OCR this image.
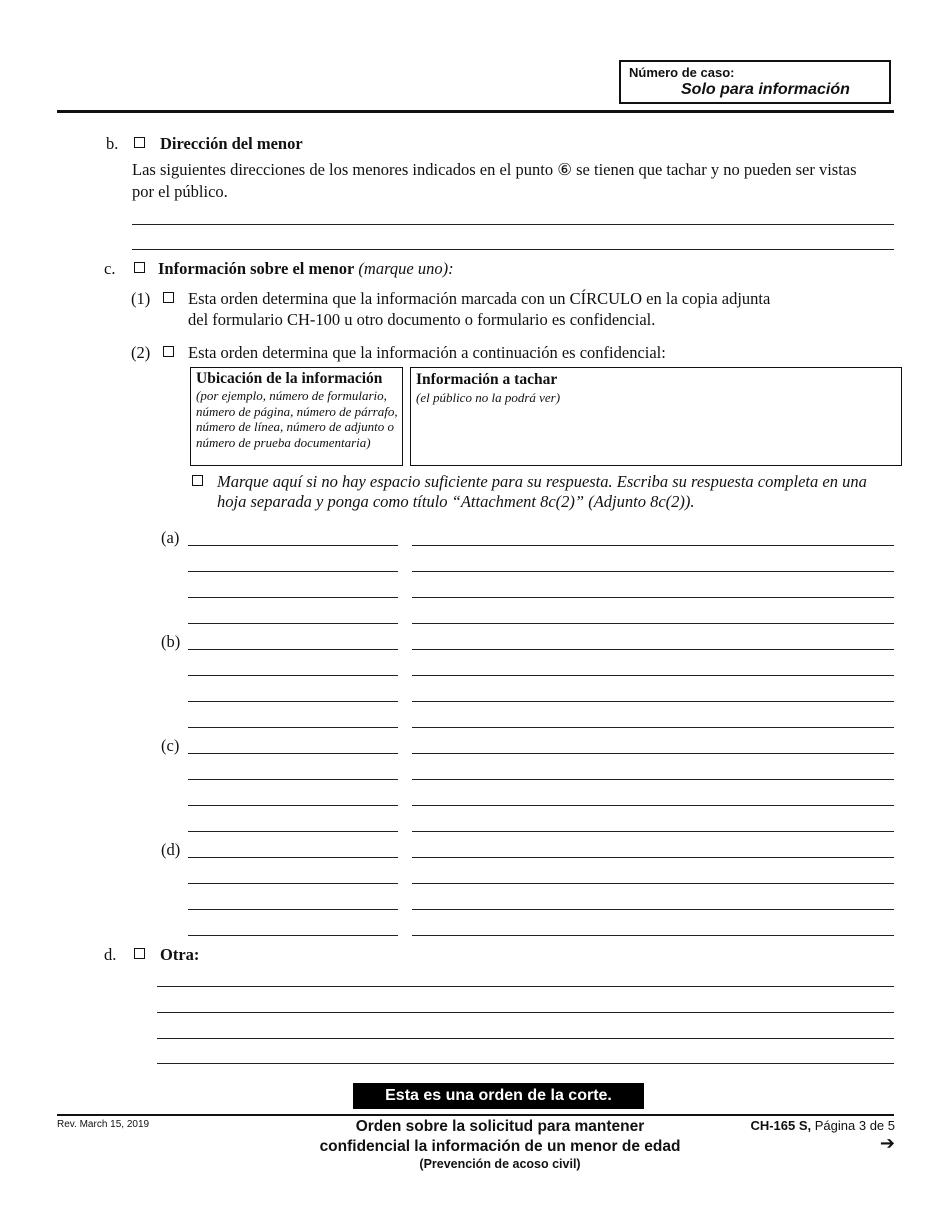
Número de caso:
Solo para información
b.	Dirección del menor
Las siguientes direcciones de los menores indicados en el punto ⑥ se tienen que tachar y no pueden ser vistas
por el público.
c.	Información sobre el menor (marque uno):
(1) Esta orden determina que la información marcada con un CÍRCULO en la copia adjunta
del formulario CH-100 u otro documento o formulario es confidencial.
(2) Esta orden determina que la información a continuación es confidencial:
Ubicación de la información
(por ejemplo, número de formulario, número de página, número de párrafo, número de línea, número de adjunto o número de prueba documentaria)
Información a tachar
(el público no la podrá ver)
Marque aquí si no hay espacio suficiente para su respuesta. Escriba su respuesta completa en una
hoja separada y ponga como título “Attachment 8c(2)” (Adjunto 8c(2)).
(a)
(b)
(c)
(d)
d.	Otra:
Esta es una orden de la corte.
Rev. March 15, 2019	Orden sobre la solicitud para mantener
confidencial la información de un menor de edad
(Prevención de acoso civil)
CH-165 S, Página 3 de 5
➔
